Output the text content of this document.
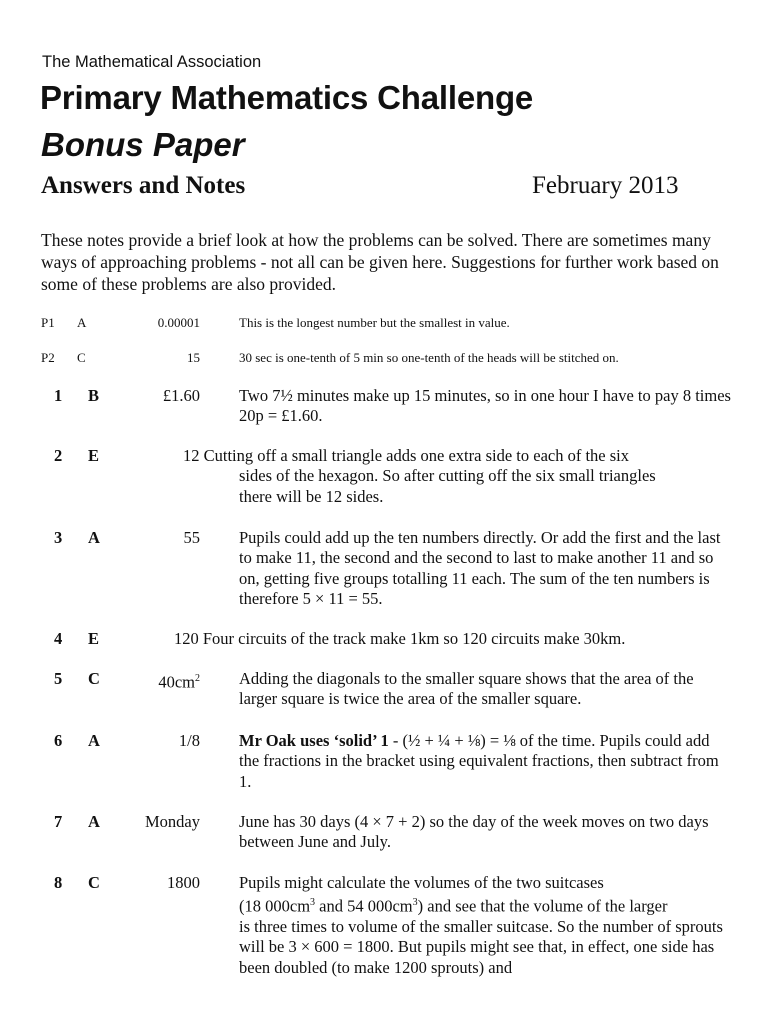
The Mathematical Association
Primary Mathematics Challenge
Bonus Paper
Answers and Notes	February 2013
These notes provide a brief look at how the problems can be solved. There are sometimes many ways of approaching problems - not all can be given here. Suggestions for further work based on some of these problems are also provided.
P1 A	0.00001	This is the longest number but the smallest in value.
P2 C	15	30 sec is one-tenth of 5 min so one-tenth of the heads will be stitched on.
1	B	£1.60 Two 7½ minutes make up 15 minutes, so in one hour I have to pay 8 times 20p = £1.60.
2	E	12 Cutting off a small triangle adds one extra side to each of the six
sides of the hexagon. So after cutting off the six small triangles
there will be 12 sides.
3	A	55 Pupils could add up the ten numbers directly. Or add the first and the last to make 11, the second and the second to last to make another 11 and so on, getting five groups totalling 11 each. The sum of the ten numbers is therefore 5 × 11 = 55.
4	E	120 Four circuits of the track make 1km so 120 circuits make 30km.
5	C	$40cm^2$ Adding the diagonals to the smaller square shows that the area of the larger square is twice the area of the smaller square.
6	A	1/8 Mr Oak uses ‘solid’ 1 - (½ + ¼ + ⅛) = ⅛ of the time. Pupils could add the fractions in the bracket using equivalent fractions, then subtract from 1.
7	A	Monday June has 30 days (4 × 7 + 2) so the day of the week moves on two days between June and July.
8	C	1800 Pupils might calculate the volumes of the two suitcases
(18 $000cm^3$ and 54 $000cm^3$) and see that the volume of the larger
is three times to volume of the smaller suitcase. So the number of sprouts will be 3 × 600 = 1800. But pupils might see that, in effect, one side has been doubled (to make 1200 sprouts) and
